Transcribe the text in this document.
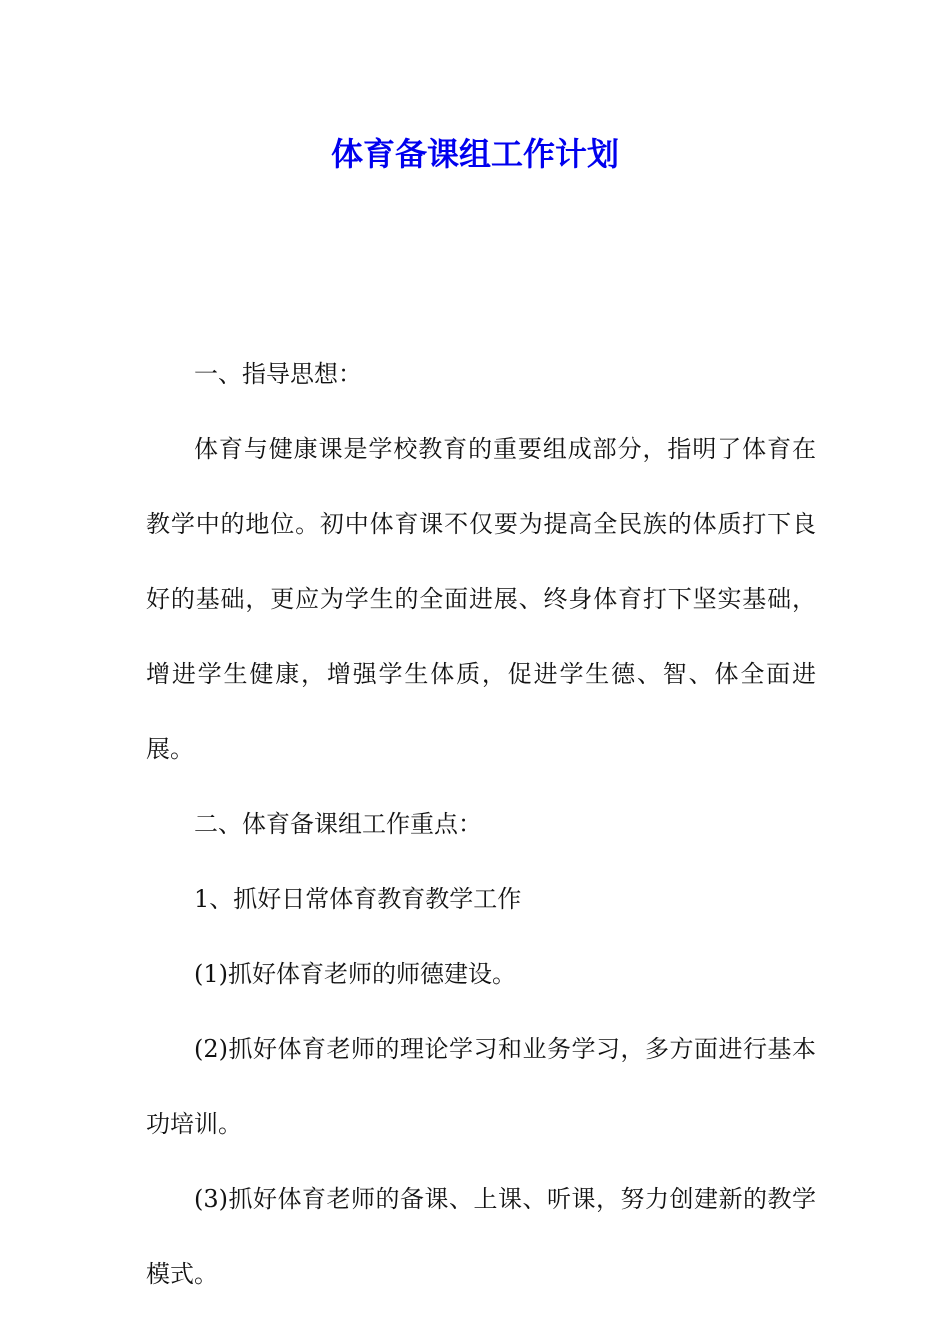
体育备课组工作计划

一、指导思想：

体育与健康课是学校教育的重要组成部分，指明了体育在教学中的地位。初中体育课不仅要为提高全民族的体质打下良好的基础，更应为学生的全面进展、终身体育打下坚实基础，增进学生健康，增强学生体质，促进学生德、智、体全面进展。

二、体育备课组工作重点：

1、抓好日常体育教育教学工作

(1)抓好体育老师的师德建设。

(2)抓好体育老师的理论学习和业务学习，多方面进行基本功培训。

(3)抓好体育老师的备课、上课、听课，努力创建新的教学模式。
